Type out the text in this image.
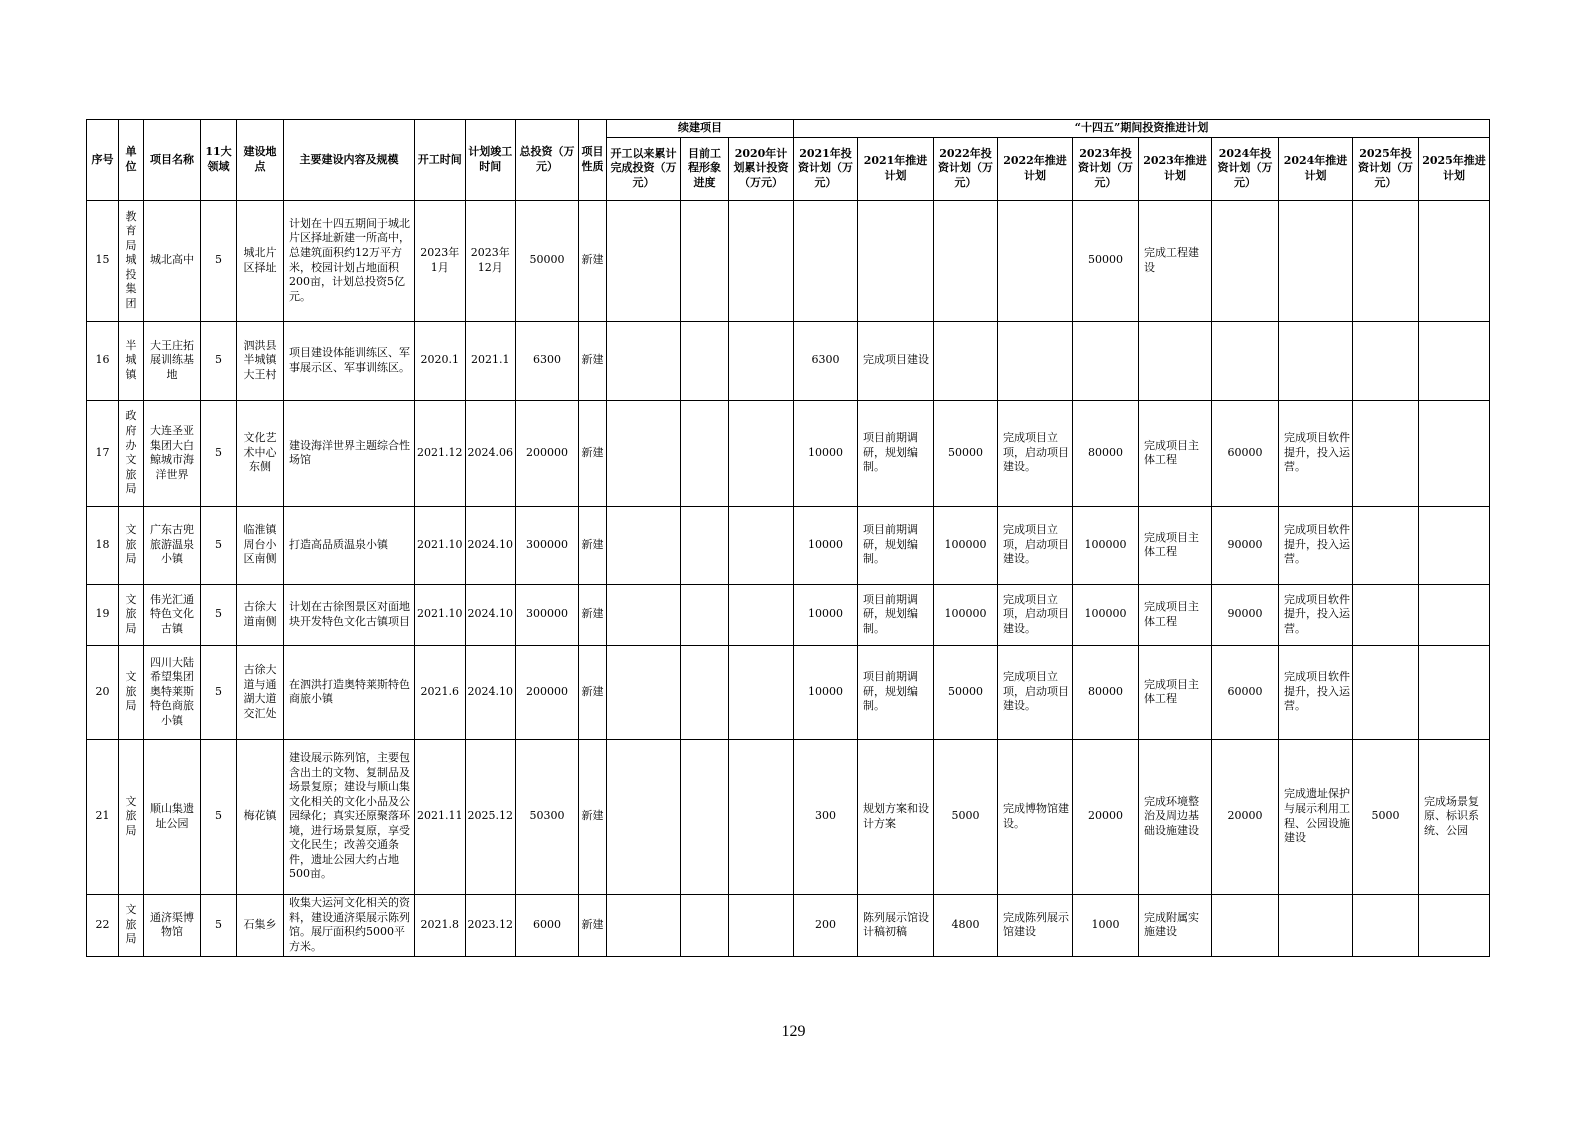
序号	单位	项目名称	11大领域	建设地点	主要建设内容及规模	开工时间	计划竣工时间	总投资（万元）	项目性质	续建项目			“十四五”期间投资推进计划									
										开工以来累计完成投资（万元）	目前工程形象进度	2020年计划累计投资（万元）	2021年投资计划（万元）	2021年推进计划	2022年投资计划（万元）	2022年推进计划	2023年投资计划（万元）	2023年推进计划	2024年投资计划（万元）	2024年推进计划	2025年投资计划（万元）	2025年推进计划
15	教育局 城投集团	城北高中	5	城北片区择址	计划在十四五期间于城北片区择址新建一所高中，总建筑面积约12万平方米，校园计划占地面积200亩，计划总投资5亿元。	2023年1月	2023年12月	50000	新建								50000	完成工程建设				
16	半城镇	大王庄拓展训练基地	5	泗洪县半城镇大王村	项目建设体能训练区、军事展示区、军事训练区。	2020.1	2021.1	6300	新建				6300	完成项目建设								
17	政府办 文旅局	大连圣亚集团大白鲸城市海洋世界	5	文化艺术中心东侧	建设海洋世界主题综合性场馆	2021.12	2024.06	200000	新建				10000	项目前期调研，规划编制。	50000	完成项目立项，启动项目建设。	80000	完成项目主体工程	60000	完成项目软件提升，投入运营。		
18	文旅局	广东古兜旅游温泉小镇	5	临淮镇周台小区南侧	打造高品质温泉小镇	2021.10	2024.10	300000	新建				10000	项目前期调研，规划编制。	100000	完成项目立项，启动项目建设。	100000	完成项目主体工程	90000	完成项目软件提升，投入运营。		
19	文旅局	伟光汇通特色文化古镇	5	古徐大道南侧	计划在古徐图景区对面地块开发特色文化古镇项目	2021.10	2024.10	300000	新建				10000	项目前期调研，规划编制。	100000	完成项目立项，启动项目建设。	100000	完成项目主体工程	90000	完成项目软件提升，投入运营。		
20	文旅局	四川大陆希望集团奥特莱斯特色商旅小镇	5	古徐大道与通湖大道交汇处	在泗洪打造奥特莱斯特色商旅小镇	2021.6	2024.10	200000	新建				10000	项目前期调研，规划编制。	50000	完成项目立项，启动项目建设。	80000	完成项目主体工程	60000	完成项目软件提升，投入运营。		
21	文旅局	顺山集遗址公园	5	梅花镇	建设展示陈列馆，主要包含出土的文物、复制品及场景复原；建设与顺山集文化相关的文化小品及公园绿化；真实还原聚落环境，进行场景复原，享受文化民生；改善交通条件，遗址公园大约占地500亩。	2021.11	2025.12	50300	新建				300	规划方案和设计方案	5000	完成博物馆建设。	20000	完成环境整治及周边基础设施建设	20000	完成遗址保护与展示利用工程、公园设施建设	5000	完成场景复原、标识系统、公园
22	文旅局	通济渠博物馆	5	石集乡	收集大运河文化相关的资料，建设通济渠展示陈列馆。展厅面积约5000平方米。	2021.8	2023.12	6000	新建				200	陈列展示馆设计稿初稿	4800	完成陈列展示馆建设	1000	完成附属实施建设				
129
